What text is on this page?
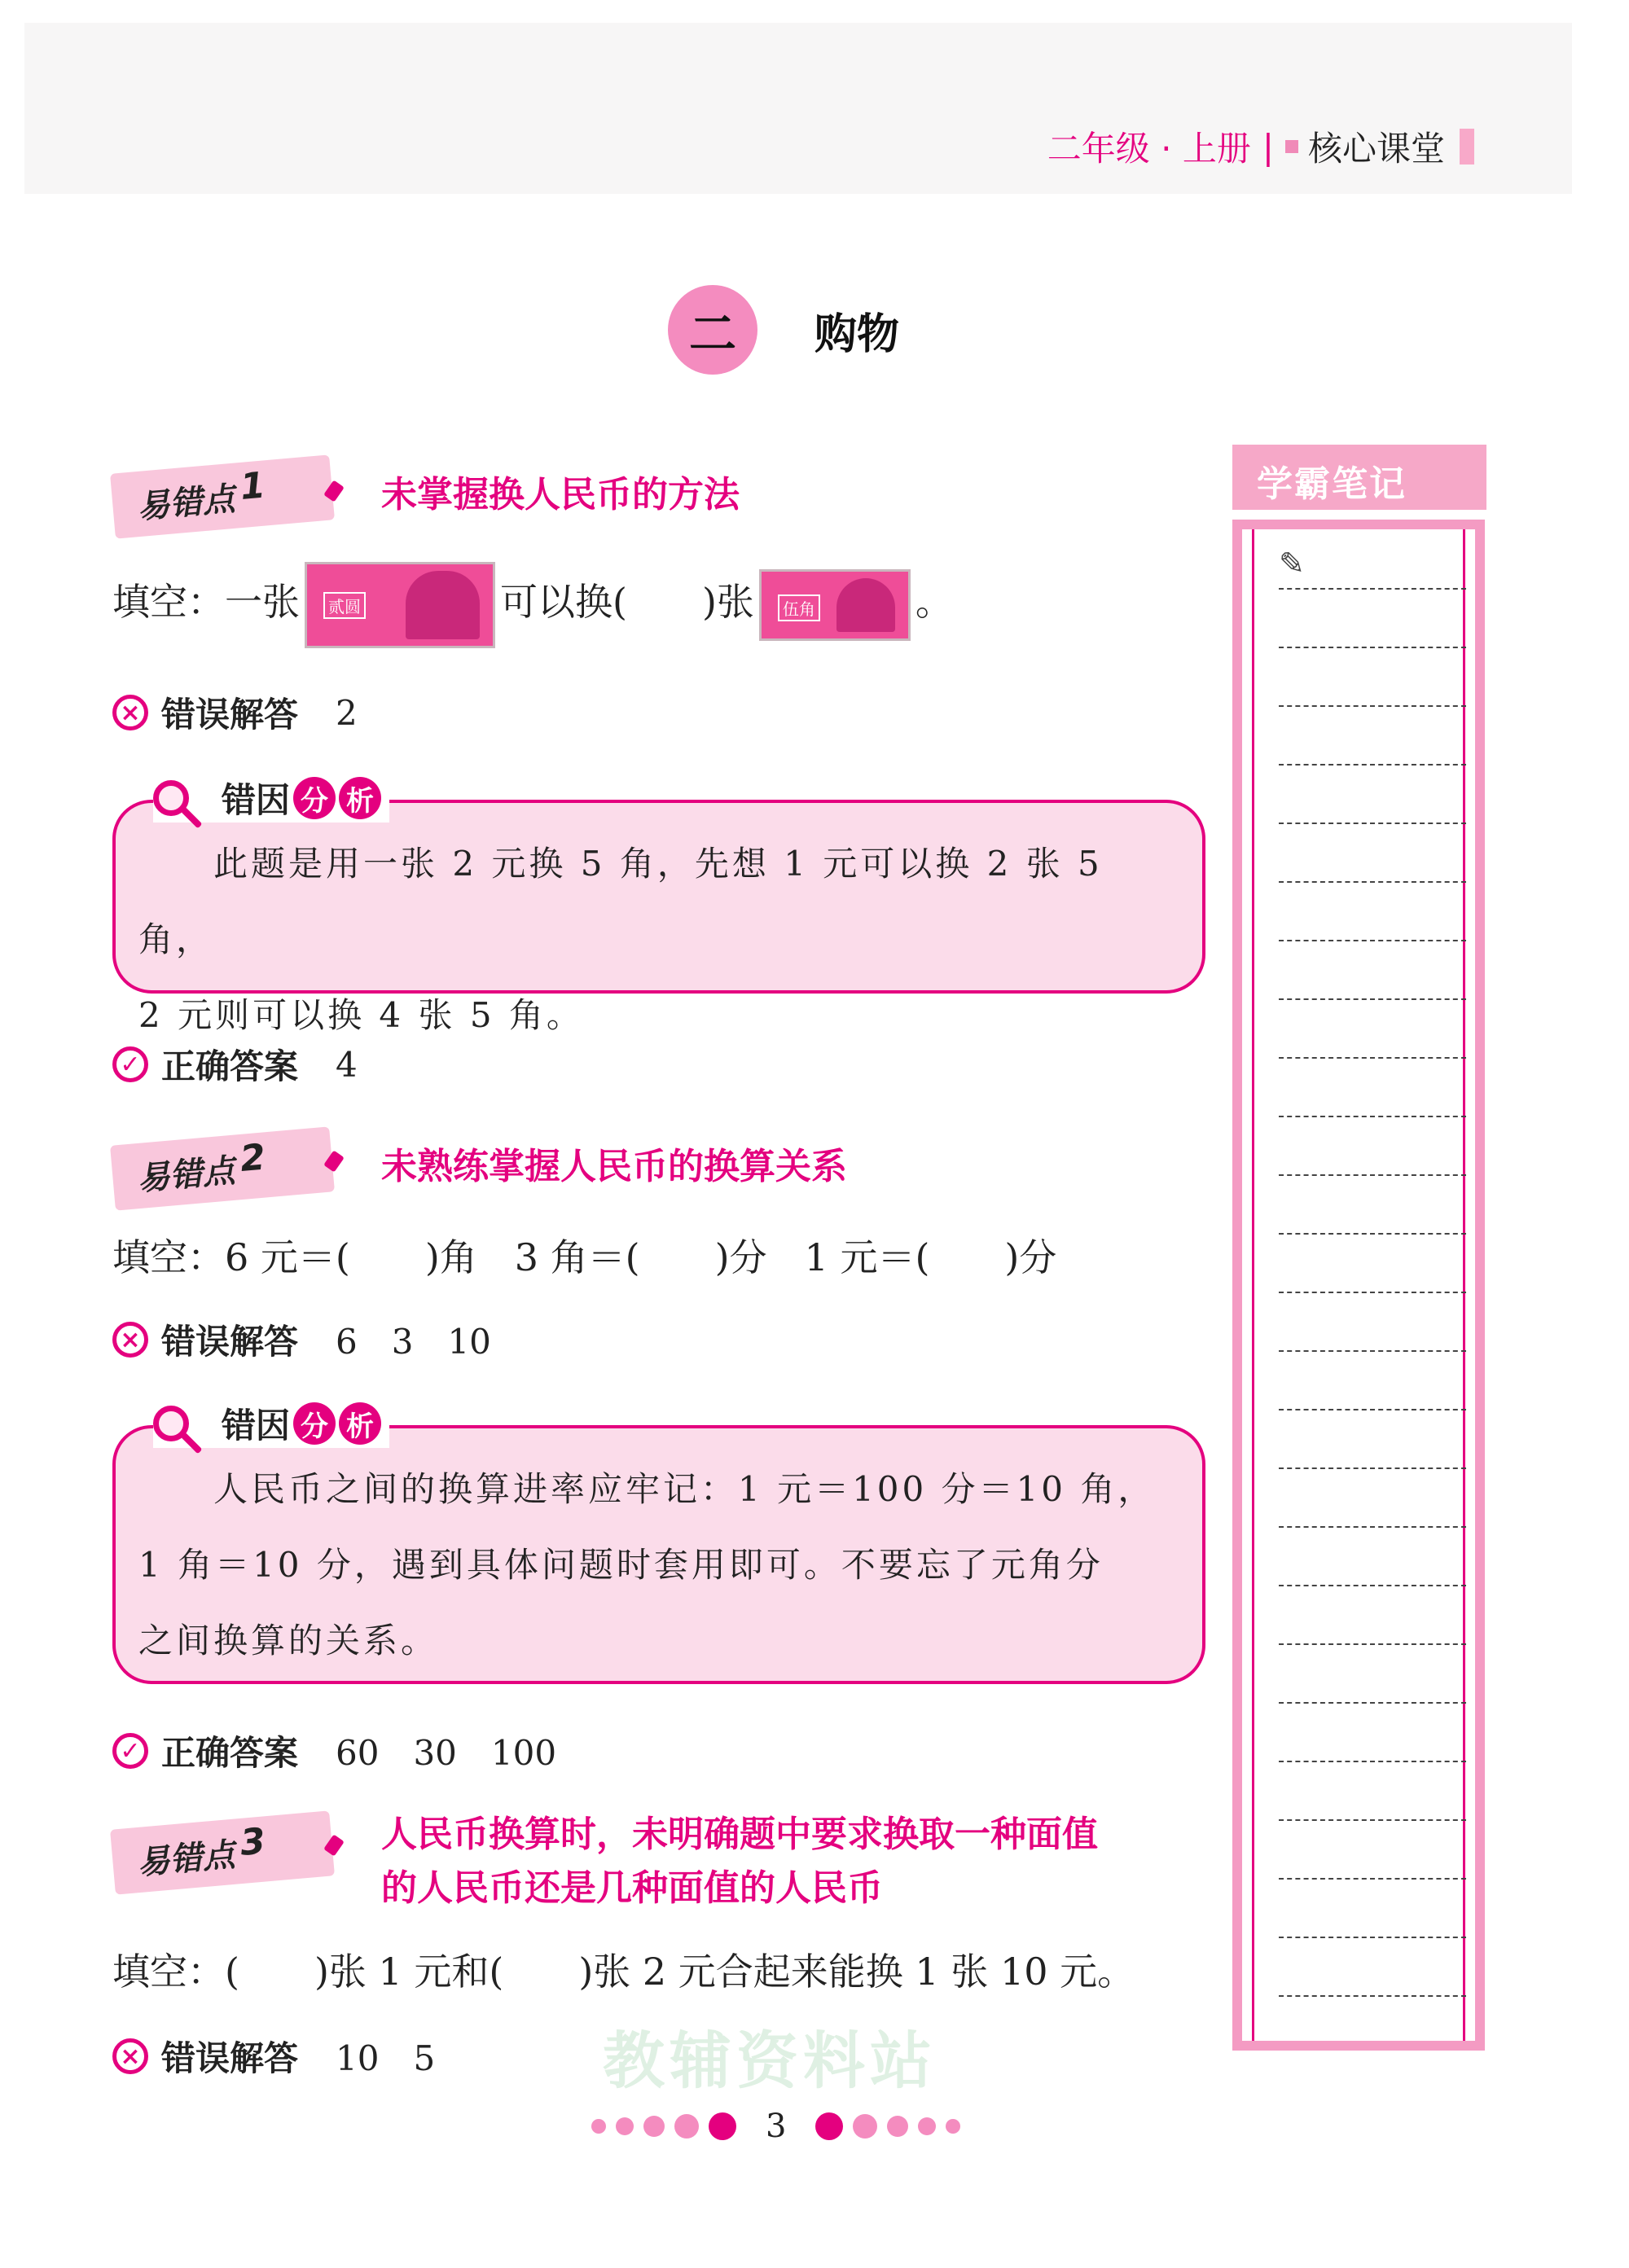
二年级 · 上册 | 核心课堂
二	购物
教辅资料站
易错点 1	未掌握换人民币的方法
填空：一张	贰圆	可以换(　　)张	伍角	。
× 错误解答 2

　　此题是用一张 2 元换 5 角，先想 1 元可以换 2 张 5 角，

2 元则可以换 4 张 5 角。

错因 分 析
✓ 正确答案 4
易错点 2	未熟练掌握人民币的换算关系
填空：6 元＝(　　)角　3 角＝(　　)分　1 元＝(　　)分
× 错误解答 6　3　10

　　人民币之间的换算进率应牢记：1 元＝100 分＝10 角，

1 角＝10 分，遇到具体问题时套用即可。不要忘了元角分

之间换算的关系。

错因 分 析
✓ 正确答案 60　30　100
易错点 3	人民币换算时，未明确题中要求换取一种面值
的人民币还是几种面值的人民币
填空：(　　)张 1 元和(　　)张 2 元合起来能换 1 张 10 元。
× 错误解答 10　5
学霸笔记
✎
3
